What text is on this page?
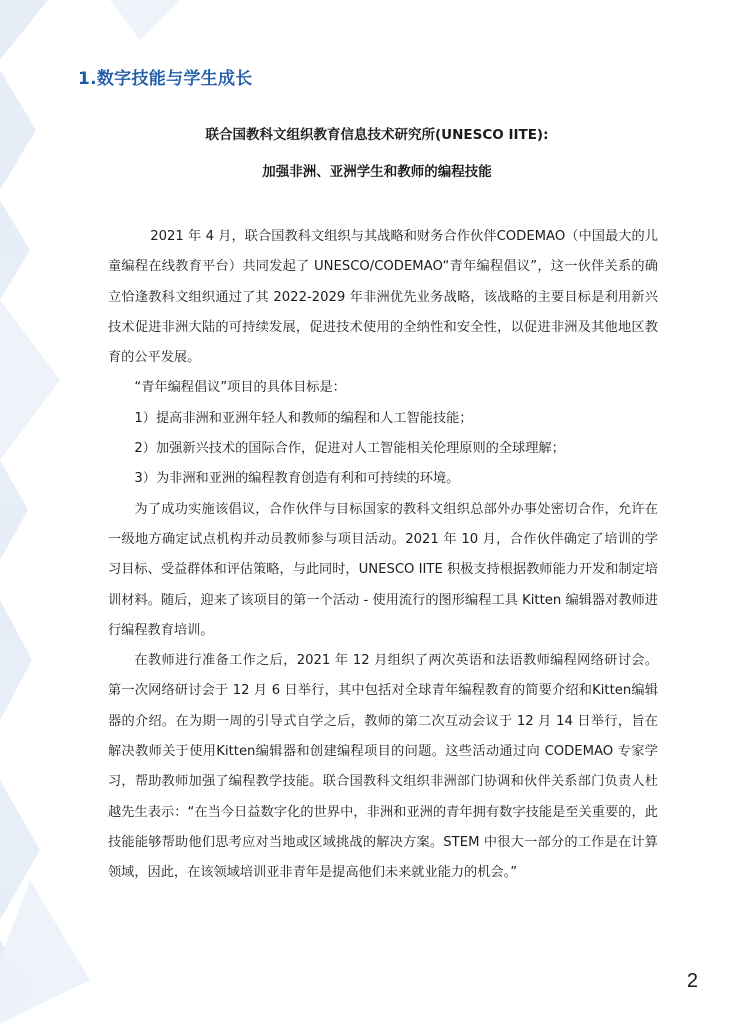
1.数字技能与学生成长
联合国教科文组织教育信息技术研究所(UNESCO IITE):
加强非洲、亚洲学生和教师的编程技能

2021 年 4 月，联合国教科文组织与其战略和财务合作伙伴CODEMAO（中国最大的儿童编程在线教育平台）共同发起了 UNESCO/CODEMAO“青年编程倡议”，这一伙伴关系的确立恰逢教科文组织通过了其 2022-2029 年非洲优先业务战略，该战略的主要目标是利用新兴技术促进非洲大陆的可持续发展，促进技术使用的全纳性和安全性，以促进非洲及其他地区教育的公平发展。

“青年编程倡议”项目的具体目标是：

1）提高非洲和亚洲年轻人和教师的编程和人工智能技能；

2）加强新兴技术的国际合作，促进对人工智能相关伦理原则的全球理解；

3）为非洲和亚洲的编程教育创造有利和可持续的环境。

为了成功实施该倡议，合作伙伴与目标国家的教科文组织总部外办事处密切合作，允许在一级地方确定试点机构并动员教师参与项目活动。2021 年 10 月，合作伙伴确定了培训的学习目标、受益群体和评估策略，与此同时，UNESCO IITE 积极支持根据教师能力开发和制定培训材料。随后，迎来了该项目的第一个活动 - 使用流行的图形编程工具 Kitten 编辑器对教师进行编程教育培训。

在教师进行准备工作之后，2021 年 12 月组织了两次英语和法语教师编程网络研讨会。第一次网络研讨会于 12 月 6 日举行，其中包括对全球青年编程教育的简要介绍和Kitten编辑器的介绍。在为期一周的引导式自学之后，教师的第二次互动会议于 12 月 14 日举行，旨在解决教师关于使用Kitten编辑器和创建编程项目的问题。这些活动通过向 CODEMAO 专家学习，帮助教师加强了编程教学技能。联合国教科文组织非洲部门协调和伙伴关系部门负责人杜越先生表示：“在当今日益数字化的世界中，非洲和亚洲的青年拥有数字技能是至关重要的，此技能能够帮助他们思考应对当地或区域挑战的解决方案。STEM 中很大一部分的工作是在计算领域，因此，在该领域培训亚非青年是提高他们未来就业能力的机会。”

2
